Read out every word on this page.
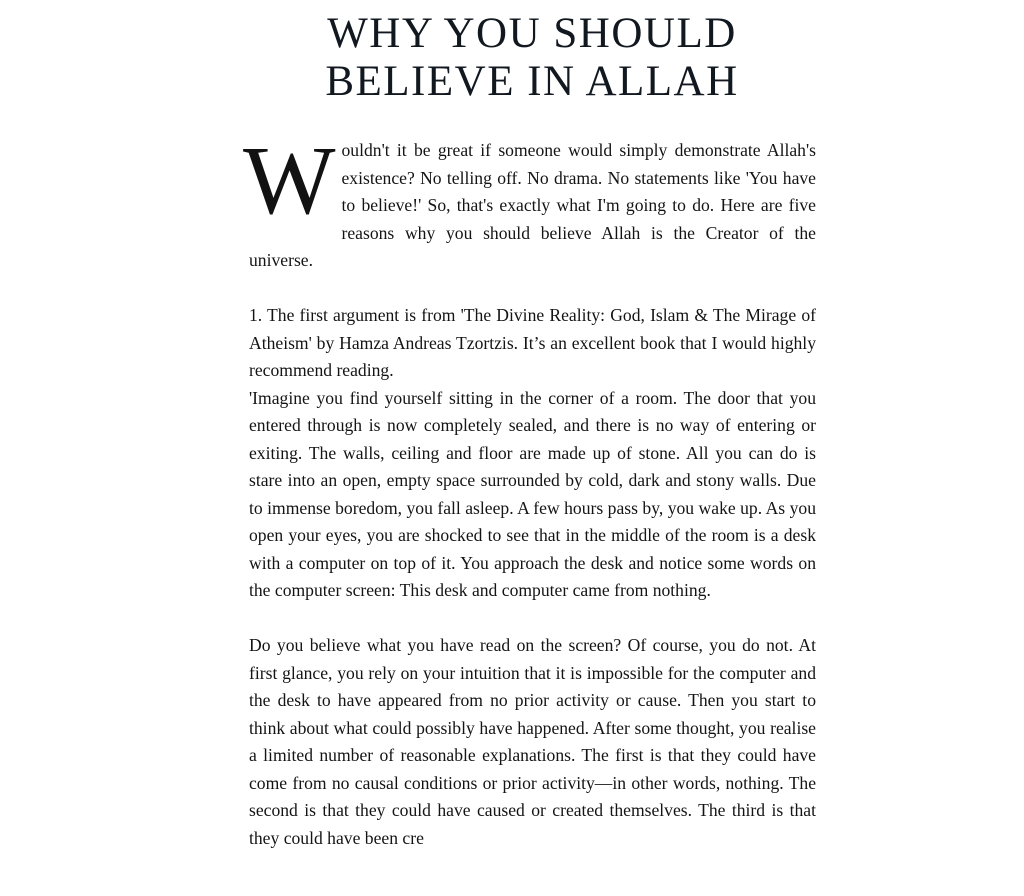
WHY YOU SHOULD
BELIEVE IN ALLAH

Wouldn't it be great if someone would simply demonstrate Allah's existence? No telling off. No drama. No statements like 'You have to believe!' So, that's exactly what I'm going to do. Here are five reasons why you should believe Allah is the Creator of the universe.

1. The first argument is from 'The Divine Reality: God, Islam & The Mirage of Atheism' by Hamza Andreas Tzortzis. It’s an excellent book that I would highly recommend reading.

'Imagine you find yourself sitting in the corner of a room. The door that you entered through is now completely sealed, and there is no way of entering or exiting. The walls, ceiling and floor are made up of stone. All you can do is stare into an open, empty space surrounded by cold, dark and stony walls. Due to immense boredom, you fall asleep. A few hours pass by, you wake up. As you open your eyes, you are shocked to see that in the middle of the room is a desk with a computer on top of it. You approach the desk and notice some words on the computer screen: This desk and computer came from nothing.

Do you believe what you have read on the screen? Of course, you do not. At first glance, you rely on your intuition that it is impossible for the computer and the desk to have appeared from no prior activity or cause. Then you start to think about what could possibly have happened. After some thought, you realise a limited number of reasonable explanations. The first is that they could have come from no causal conditions or prior activity—in other words, nothing. The second is that they could have caused or created themselves. The third is that they could have been cre
